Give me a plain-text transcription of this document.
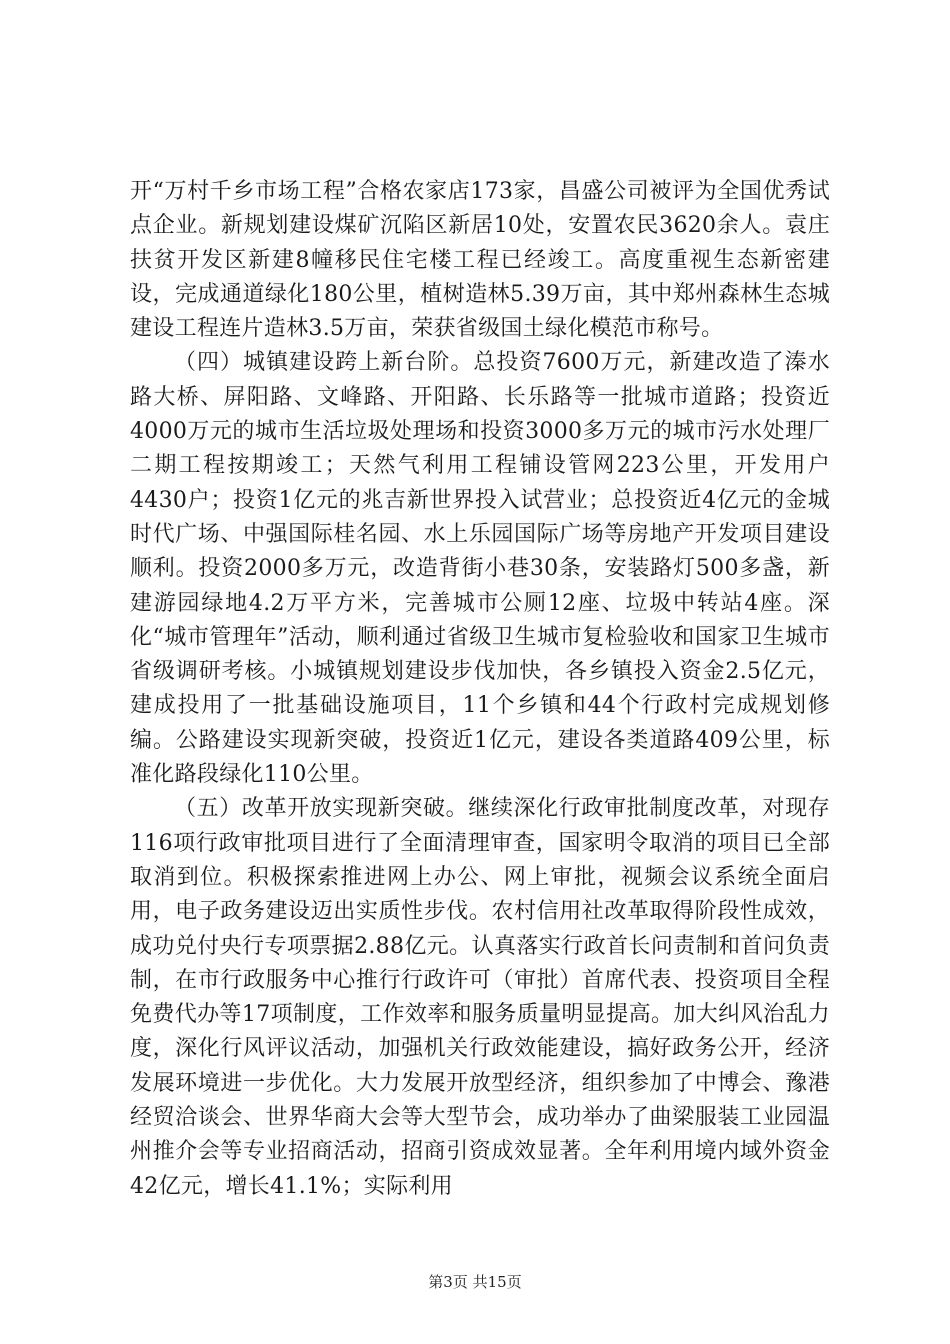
开“万村千乡市场工程”合格农家店173家，昌盛公司被评为全国优秀试点企业。新规划建设煤矿沉陷区新居10处，安置农民3620余人。袁庄扶贫开发区新建8幢移民住宅楼工程已经竣工。高度重视生态新密建设，完成通道绿化180公里，植树造林5.39万亩，其中郑州森林生态城建设工程连片造林3.5万亩，荣获省级国土绿化模范市称号。

（四）城镇建设跨上新台阶。总投资7600万元，新建改造了溱水路大桥、屏阳路、文峰路、开阳路、长乐路等一批城市道路；投资近4000万元的城市生活垃圾处理场和投资3000多万元的城市污水处理厂二期工程按期竣工；天然气利用工程铺设管网223公里，开发用户4430户；投资1亿元的兆吉新世界投入试营业；总投资近4亿元的金城时代广场、中强国际桂名园、水上乐园国际广场等房地产开发项目建设顺利。投资2000多万元，改造背街小巷30条，安装路灯500多盏，新建游园绿地4.2万平方米，完善城市公厕12座、垃圾中转站4座。深化“城市管理年”活动，顺利通过省级卫生城市复检验收和国家卫生城市省级调研考核。小城镇规划建设步伐加快，各乡镇投入资金2.5亿元，建成投用了一批基础设施项目，11个乡镇和44个行政村完成规划修编。公路建设实现新突破，投资近1亿元，建设各类道路409公里，标准化路段绿化110公里。

（五）改革开放实现新突破。继续深化行政审批制度改革，对现存116项行政审批项目进行了全面清理审查，国家明令取消的项目已全部取消到位。积极探索推进网上办公、网上审批，视频会议系统全面启用，电子政务建设迈出实质性步伐。农村信用社改革取得阶段性成效，成功兑付央行专项票据2.88亿元。认真落实行政首长问责制和首问负责制，在市行政服务中心推行行政许可（审批）首席代表、投资项目全程免费代办等17项制度，工作效率和服务质量明显提高。加大纠风治乱力度，深化行风评议活动，加强机关行政效能建设，搞好政务公开，经济发展环境进一步优化。大力发展开放型经济，组织参加了中博会、豫港经贸洽谈会、世界华商大会等大型节会，成功举办了曲梁服装工业园温州推介会等专业招商活动，招商引资成效显著。全年利用境内域外资金42亿元，增长41.1%；实际利用

第3页 共15页
